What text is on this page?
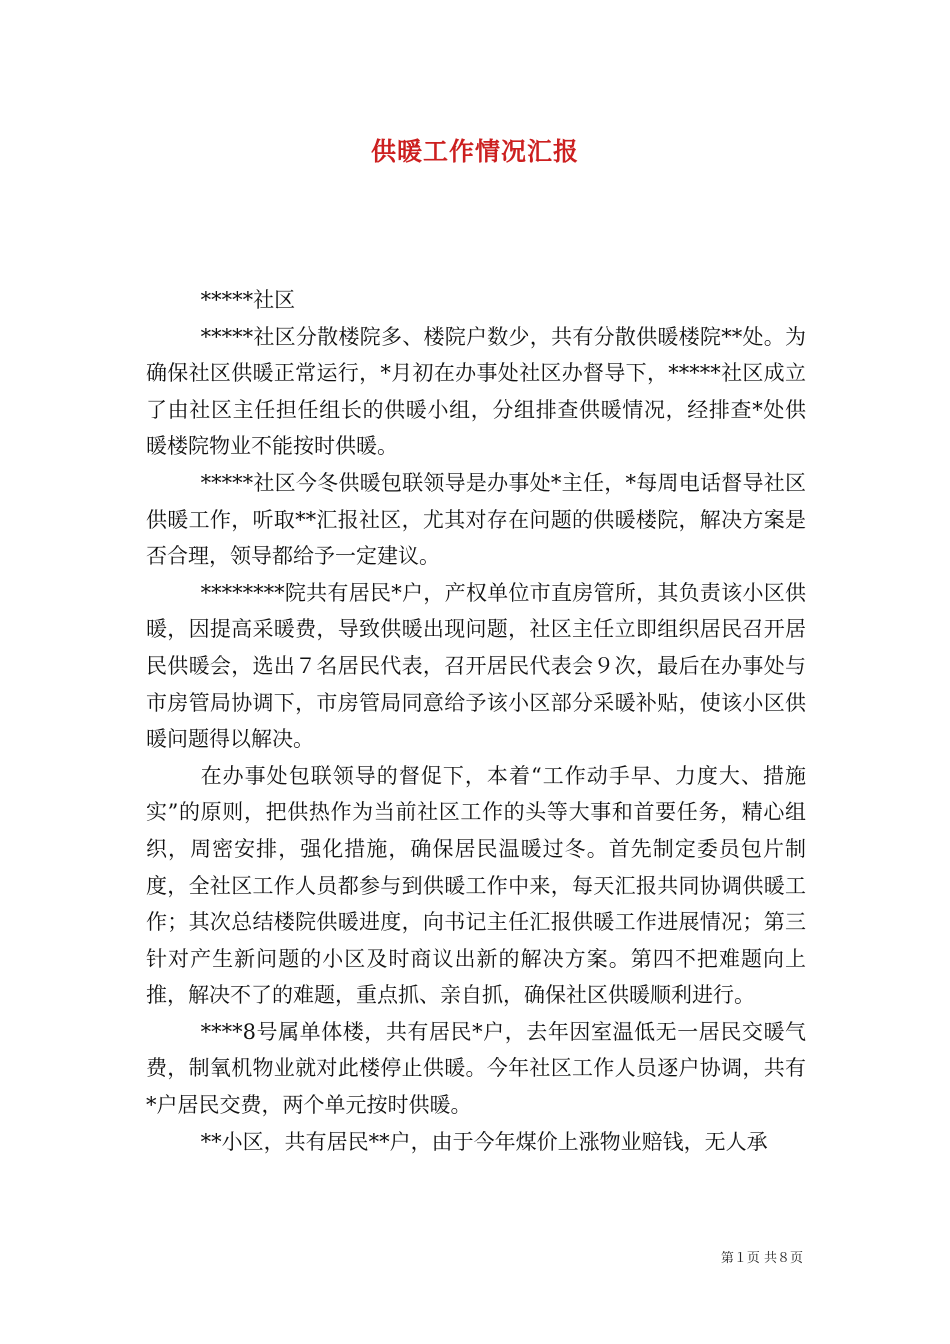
供暖工作情况汇报

*****社区

*****社区分散楼院多、楼院户数少，共有分散供暖楼院**处。为确保社区供暖正常运行，*月初在办事处社区办督导下，*****社区成立了由社区主任担任组长的供暖小组，分组排查供暖情况，经排查*处供暖楼院物业不能按时供暖。

*****社区今冬供暖包联领导是办事处*主任，*每周电话督导社区供暖工作，听取**汇报社区，尤其对存在问题的供暖楼院，解决方案是否合理，领导都给予一定建议。

********院共有居民*户，产权单位市直房管所，其负责该小区供暖，因提高采暖费，导致供暖出现问题，社区主任立即组织居民召开居民供暖会，选出７名居民代表，召开居民代表会９次，最后在办事处与市房管局协调下，市房管局同意给予该小区部分采暖补贴，使该小区供暖问题得以解决。

在办事处包联领导的督促下，本着“工作动手早、力度大、措施实”的原则，把供热作为当前社区工作的头等大事和首要任务，精心组织，周密安排，强化措施，确保居民温暖过冬。首先制定委员包片制度，全社区工作人员都参与到供暖工作中来，每天汇报共同协调供暖工作；其次总结楼院供暖进度，向书记主任汇报供暖工作进展情况；第三针对产生新问题的小区及时商议出新的解决方案。第四不把难题向上推，解决不了的难题，重点抓、亲自抓，确保社区供暖顺利进行。

****8号属单体楼，共有居民*户，去年因室温低无一居民交暖气费，制氧机物业就对此楼停止供暖。今年社区工作人员逐户协调，共有*户居民交费，两个单元按时供暖。

**小区，共有居民**户，由于今年煤价上涨物业赔钱，无人承

第１页 共８页
